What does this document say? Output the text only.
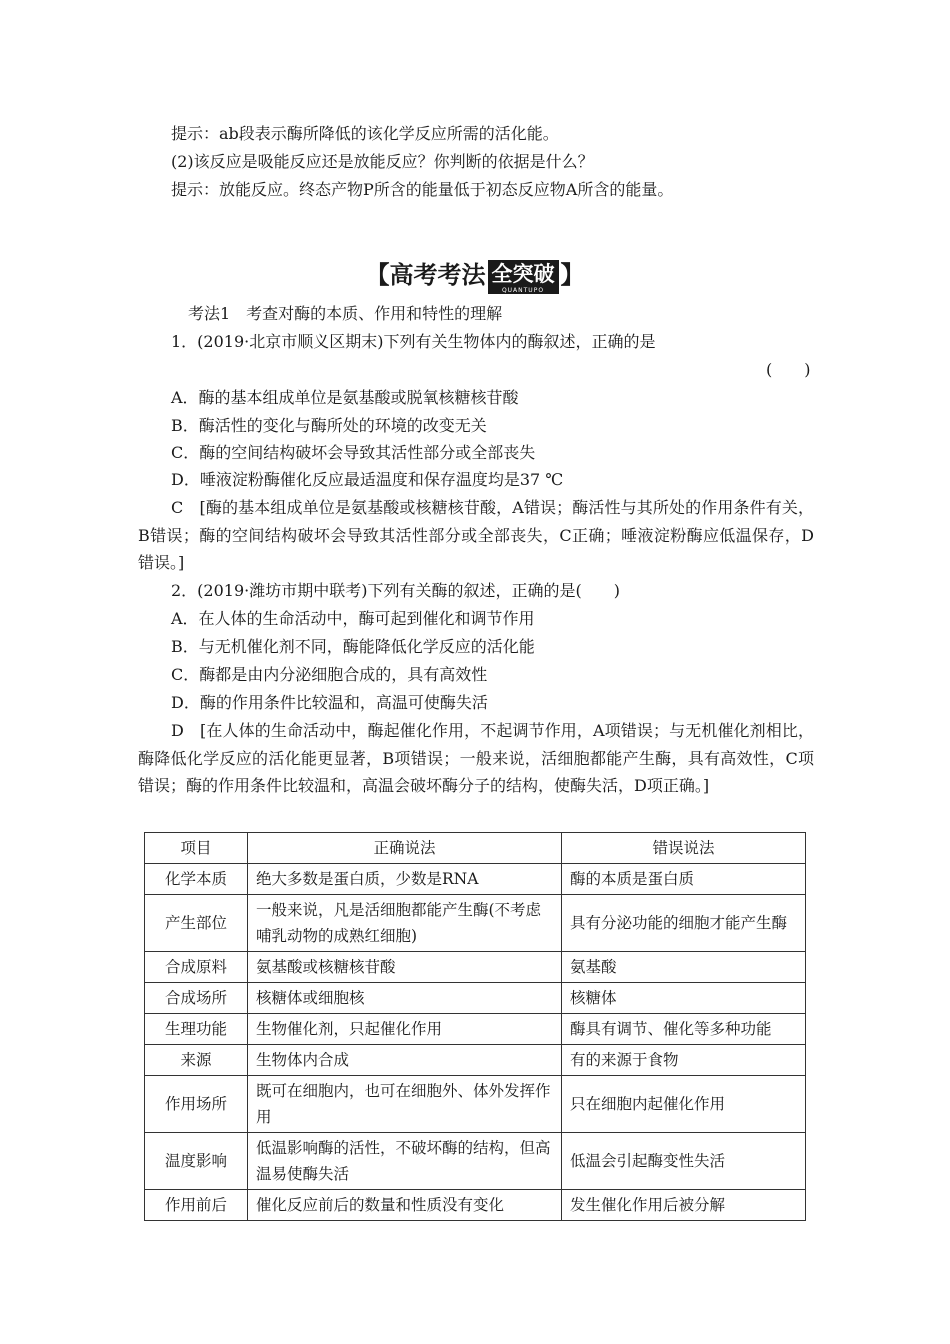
提示：ab段表示酶所降低的该化学反应所需的活化能。
(2)该反应是吸能反应还是放能反应？你判断的依据是什么？
提示：放能反应。终态产物P所含的能量低于初态反应物A所含的能量。
【高考考法 全突破
QUANTUPO
】
考法1　考查对酶的本质、作用和特性的理解
1．(2019·北京市顺义区期末)下列有关生物体内的酶叙述，正确的是
(　　)
A．酶的基本组成单位是氨基酸或脱氧核糖核苷酸
B．酶活性的变化与酶所处的环境的改变无关
C．酶的空间结构破坏会导致其活性部分或全部丧失
D．唾液淀粉酶催化反应最适温度和保存温度均是37 ℃
C　[酶的基本组成单位是氨基酸或核糖核苷酸，A错误；酶活性与其所处的作用条件有关，B错误；酶的空间结构破坏会导致其活性部分或全部丧失，C正确；唾液淀粉酶应低温保存，D错误。]
2．(2019·潍坊市期中联考)下列有关酶的叙述，正确的是(　　)
A．在人体的生命活动中，酶可起到催化和调节作用
B．与无机催化剂不同，酶能降低化学反应的活化能
C．酶都是由内分泌细胞合成的，具有高效性
D．酶的作用条件比较温和，高温可使酶失活
D　[在人体的生命活动中，酶起催化作用，不起调节作用，A项错误；与无机催化剂相比，酶降低化学反应的活化能更显著，B项错误；一般来说，活细胞都能产生酶，具有高效性，C项错误；酶的作用条件比较温和，高温会破坏酶分子的结构，使酶失活，D项正确。]
项目	正确说法	错误说法
化学本质	绝大多数是蛋白质，少数是RNA	酶的本质是蛋白质
产生部位	一般来说，凡是活细胞都能产生酶(不考虑哺乳动物的成熟红细胞)	具有分泌功能的细胞才能产生酶
合成原料	氨基酸或核糖核苷酸	氨基酸
合成场所	核糖体或细胞核	核糖体
生理功能	生物催化剂，只起催化作用	酶具有调节、催化等多种功能
来源	生物体内合成	有的来源于食物
作用场所	既可在细胞内，也可在细胞外、体外发挥作用	只在细胞内起催化作用
温度影响	低温影响酶的活性，不破坏酶的结构，但高温易使酶失活	低温会引起酶变性失活
作用前后	催化反应前后的数量和性质没有变化	发生催化作用后被分解
